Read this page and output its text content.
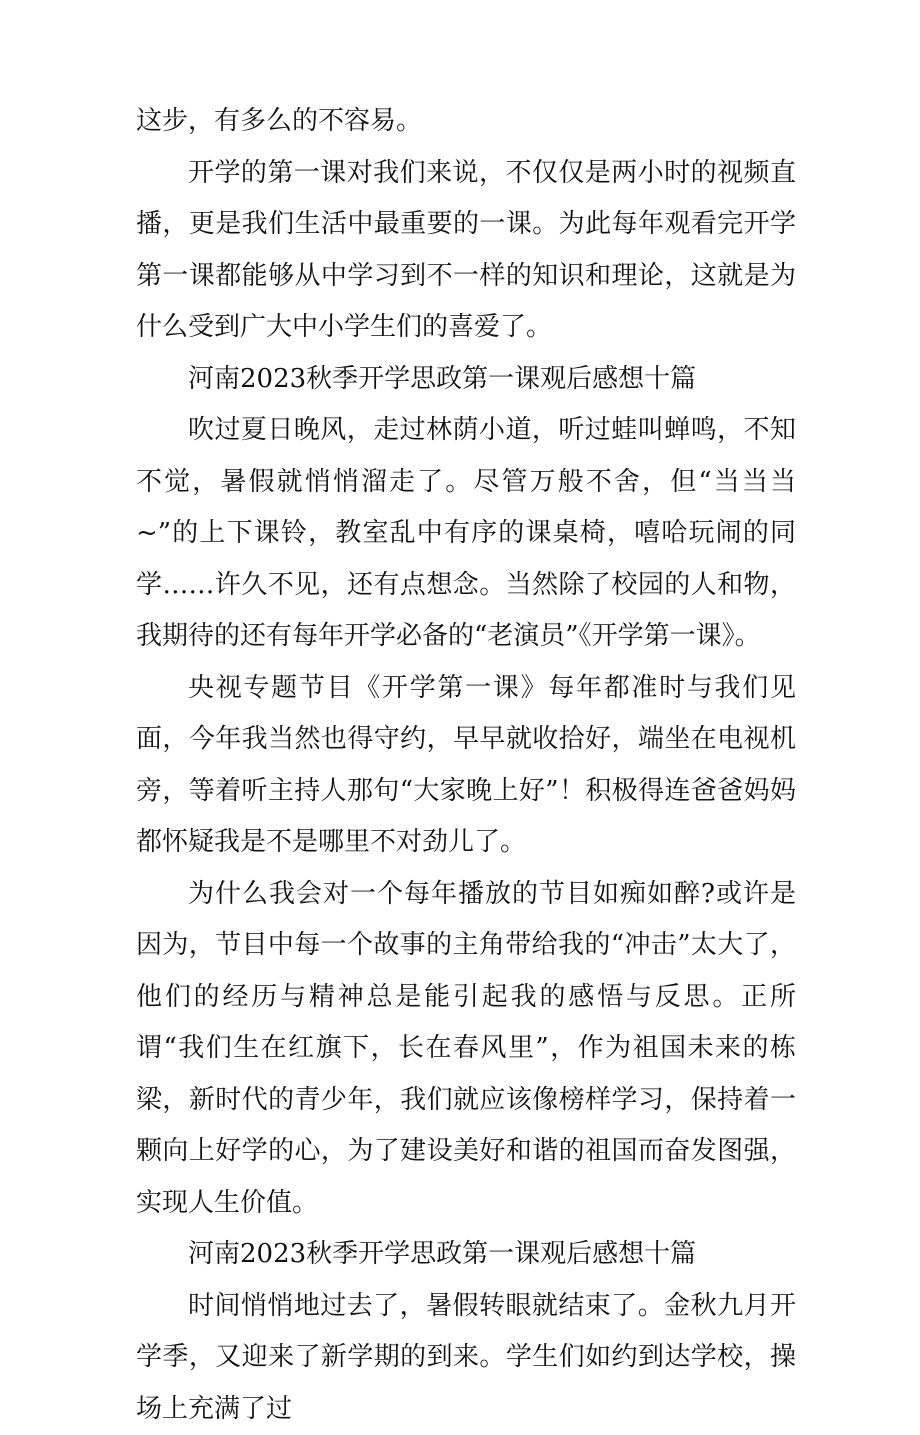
这步，有多么的不容易。

开学的第一课对我们来说，不仅仅是两小时的视频直播，更是我们生活中最重要的一课。为此每年观看完开学第一课都能够从中学习到不一样的知识和理论，这就是为什么受到广大中小学生们的喜爱了。

河南2023秋季开学思政第一课观后感想十篇

吹过夏日晚风，走过林荫小道，听过蛙叫蝉鸣，不知不觉，暑假就悄悄溜走了。尽管万般不舍，但“当当当~”的上下课铃，教室乱中有序的课桌椅，嘻哈玩闹的同学……许久不见，还有点想念。当然除了校园的人和物，我期待的还有每年开学必备的“老演员”《开学第一课》。

央视专题节目《开学第一课》每年都准时与我们见面，今年我当然也得守约，早早就收拾好，端坐在电视机旁，等着听主持人那句“大家晚上好”！积极得连爸爸妈妈都怀疑我是不是哪里不对劲儿了。

为什么我会对一个每年播放的节目如痴如醉?或许是因为，节目中每一个故事的主角带给我的“冲击”太大了，他们的经历与精神总是能引起我的感悟与反思。正所谓“我们生在红旗下，长在春风里”，作为祖国未来的栋梁，新时代的青少年，我们就应该像榜样学习，保持着一颗向上好学的心，为了建设美好和谐的祖国而奋发图强，实现人生价值。

河南2023秋季开学思政第一课观后感想十篇

时间悄悄地过去了，暑假转眼就结束了。金秋九月开学季，又迎来了新学期的到来。学生们如约到达学校，操场上充满了过
